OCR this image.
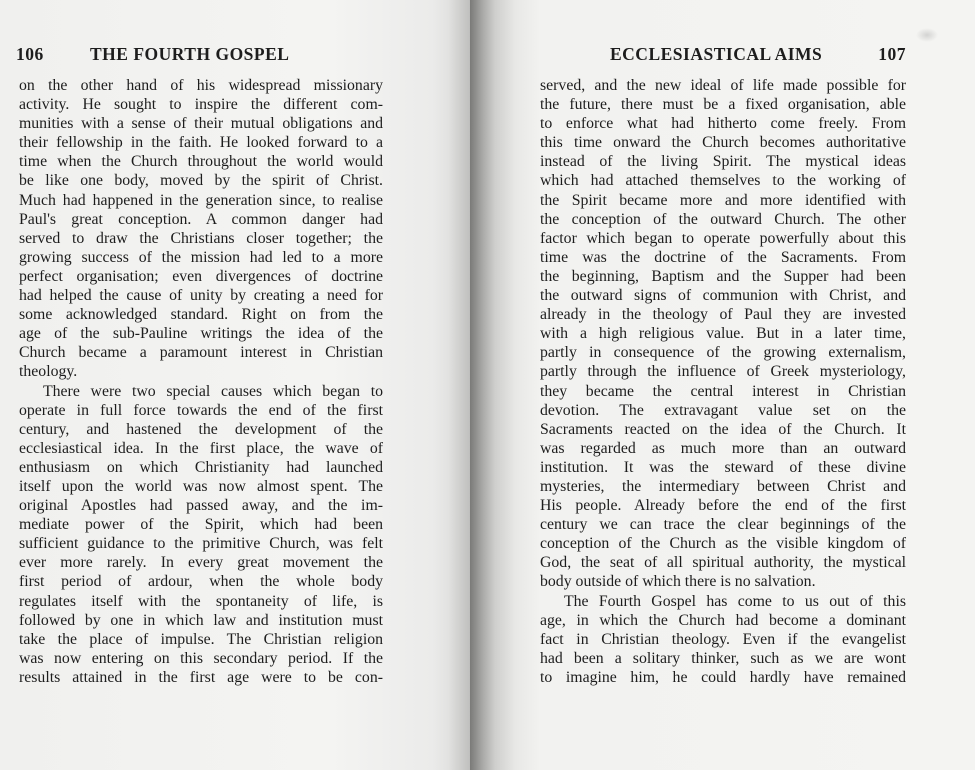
106	THE FOURTH GOSPEL
on the other hand of his widespread missionary
activity. He sought to inspire the different com-
munities with a sense of their mutual obligations and
their fellowship in the faith. He looked forward to a
time when the Church throughout the world would
be like one body, moved by the spirit of Christ.
Much had happened in the generation since, to realise
Paul's great conception. A common danger had
served to draw the Christians closer together; the
growing success of the mission had led to a more
perfect organisation; even divergences of doctrine
had helped the cause of unity by creating a need for
some acknowledged standard. Right on from the
age of the sub-Pauline writings the idea of the
Church became a paramount interest in Christian
theology.
There were two special causes which began to
operate in full force towards the end of the first
century, and hastened the development of the
ecclesiastical idea. In the first place, the wave of
enthusiasm on which Christianity had launched
itself upon the world was now almost spent. The
original Apostles had passed away, and the im-
mediate power of the Spirit, which had been
sufficient guidance to the primitive Church, was felt
ever more rarely. In every great movement the
first period of ardour, when the whole body
regulates itself with the spontaneity of life, is
followed by one in which law and institution must
take the place of impulse. The Christian religion
was now entering on this secondary period. If the
results attained in the first age were to be con-
ECCLESIASTICAL AIMS	107
served, and the new ideal of life made possible for
the future, there must be a fixed organisation, able
to enforce what had hitherto come freely. From
this time onward the Church becomes authoritative
instead of the living Spirit. The mystical ideas
which had attached themselves to the working of
the Spirit became more and more identified with
the conception of the outward Church. The other
factor which began to operate powerfully about this
time was the doctrine of the Sacraments. From
the beginning, Baptism and the Supper had been
the outward signs of communion with Christ, and
already in the theology of Paul they are invested
with a high religious value. But in a later time,
partly in consequence of the growing externalism,
partly through the influence of Greek mysteriology,
they became the central interest in Christian
devotion. The extravagant value set on the
Sacraments reacted on the idea of the Church. It
was regarded as much more than an outward
institution. It was the steward of these divine
mysteries, the intermediary between Christ and
His people. Already before the end of the first
century we can trace the clear beginnings of the
conception of the Church as the visible kingdom of
God, the seat of all spiritual authority, the mystical
body outside of which there is no salvation.
The Fourth Gospel has come to us out of this
age, in which the Church had become a dominant
fact in Christian theology. Even if the evangelist
had been a solitary thinker, such as we are wont
to imagine him, he could hardly have remained
